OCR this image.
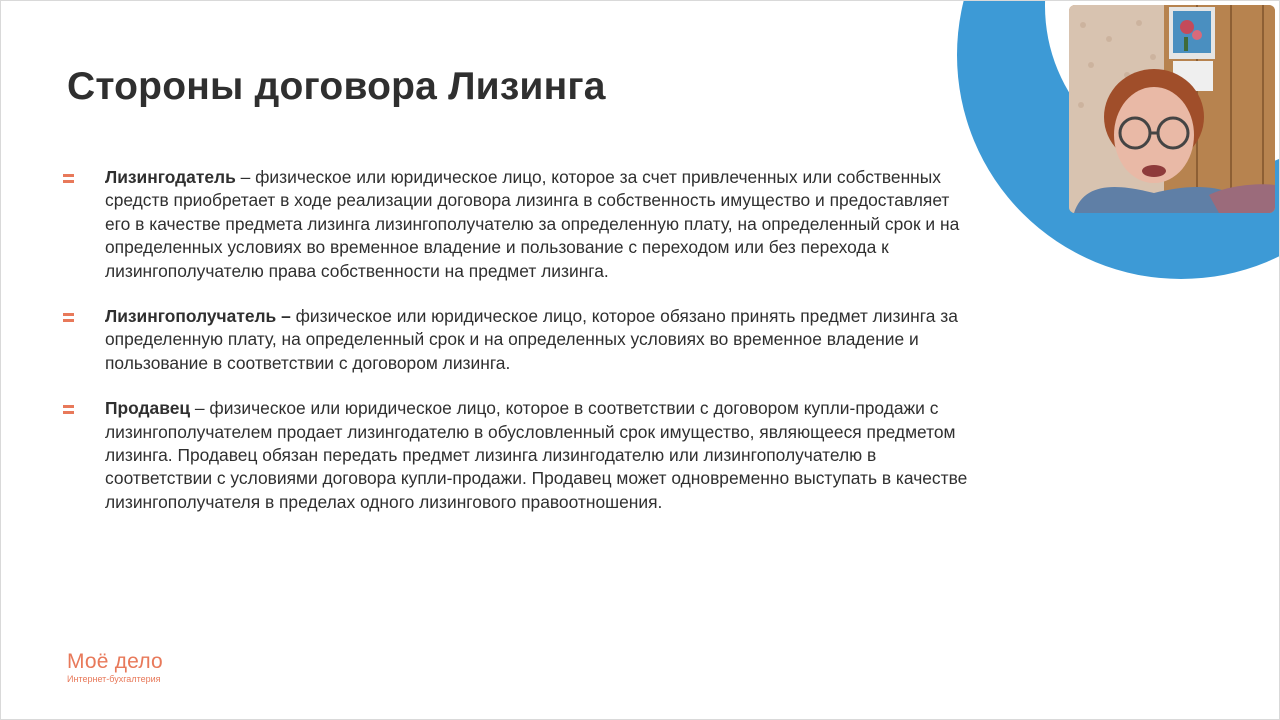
Стороны договора Лизинга
Лизингодатель – физическое или юридическое лицо, которое за счет привлеченных или собственных средств приобретает в ходе реализации договора лизинга в собственность имущество и предоставляет его в качестве предмета лизинга лизингополучателю за определенную плату, на определенный срок и на определенных условиях во временное владение и пользование с переходом или без перехода к лизингополучателю права собственности на предмет лизинга.
Лизингополучатель – физическое или юридическое лицо, которое обязано принять предмет лизинга за определенную плату, на определенный срок и на определенных условиях во временное владение и пользование в соответствии с договором лизинга.
Продавец – физическое или юридическое лицо, которое в соответствии с договором купли-продажи с лизингополучателем продает лизингодателю в обусловленный срок имущество, являющееся предметом лизинга. Продавец обязан передать предмет лизинга лизингодателю или лизингополучателю в соответствии с условиями договора купли-продажи. Продавец может одновременно выступать в качестве лизингополучателя в пределах одного лизингового правоотношения.
Моё дело
Интернет-бухгалтерия
